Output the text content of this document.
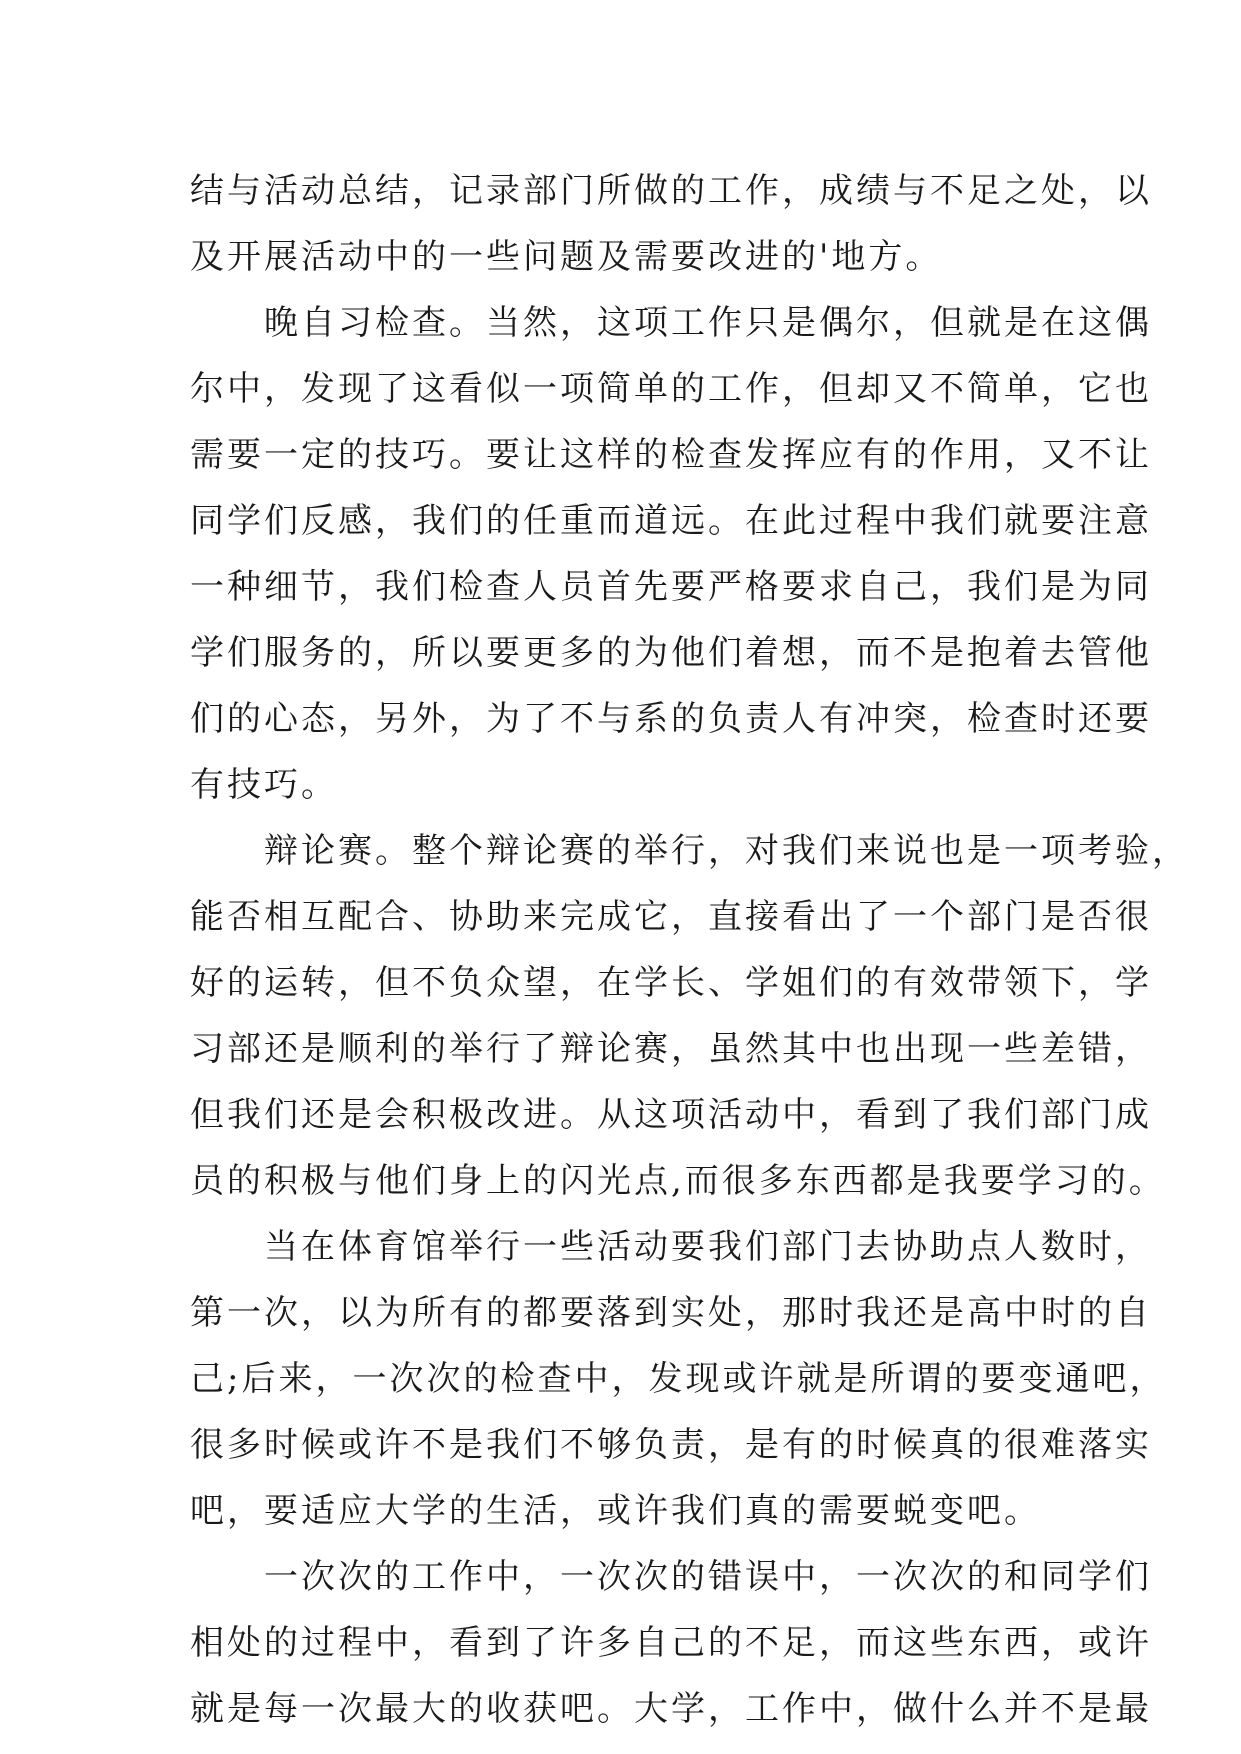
结与活动总结，记录部门所做的工作，成绩与不足之处，以
及开展活动中的一些问题及需要改进的'地方。
　　晚自习检查。当然，这项工作只是偶尔，但就是在这偶
尔中，发现了这看似一项简单的工作，但却又不简单，它也
需要一定的技巧。要让这样的检查发挥应有的作用，又不让
同学们反感，我们的任重而道远。在此过程中我们就要注意
一种细节，我们检查人员首先要严格要求自己，我们是为同
学们服务的，所以要更多的为他们着想，而不是抱着去管他
们的心态，另外，为了不与系的负责人有冲突，检查时还要
有技巧。
　　辩论赛。整个辩论赛的举行，对我们来说也是一项考验，
能否相互配合、协助来完成它，直接看出了一个部门是否很
好的运转，但不负众望，在学长、学姐们的有效带领下，学
习部还是顺利的举行了辩论赛，虽然其中也出现一些差错，
但我们还是会积极改进。从这项活动中，看到了我们部门成
员的积极与他们身上的闪光点,而很多东西都是我要学习的。
　　当在体育馆举行一些活动要我们部门去协助点人数时，
第一次，以为所有的都要落到实处，那时我还是高中时的自
己;后来，一次次的检查中，发现或许就是所谓的要变通吧，
很多时候或许不是我们不够负责，是有的时候真的很难落实
吧，要适应大学的生活，或许我们真的需要蜕变吧。
　　一次次的工作中，一次次的错误中，一次次的和同学们
相处的过程中，看到了许多自己的不足，而这些东西，或许
就是每一次最大的收获吧。大学，工作中，做什么并不是最
